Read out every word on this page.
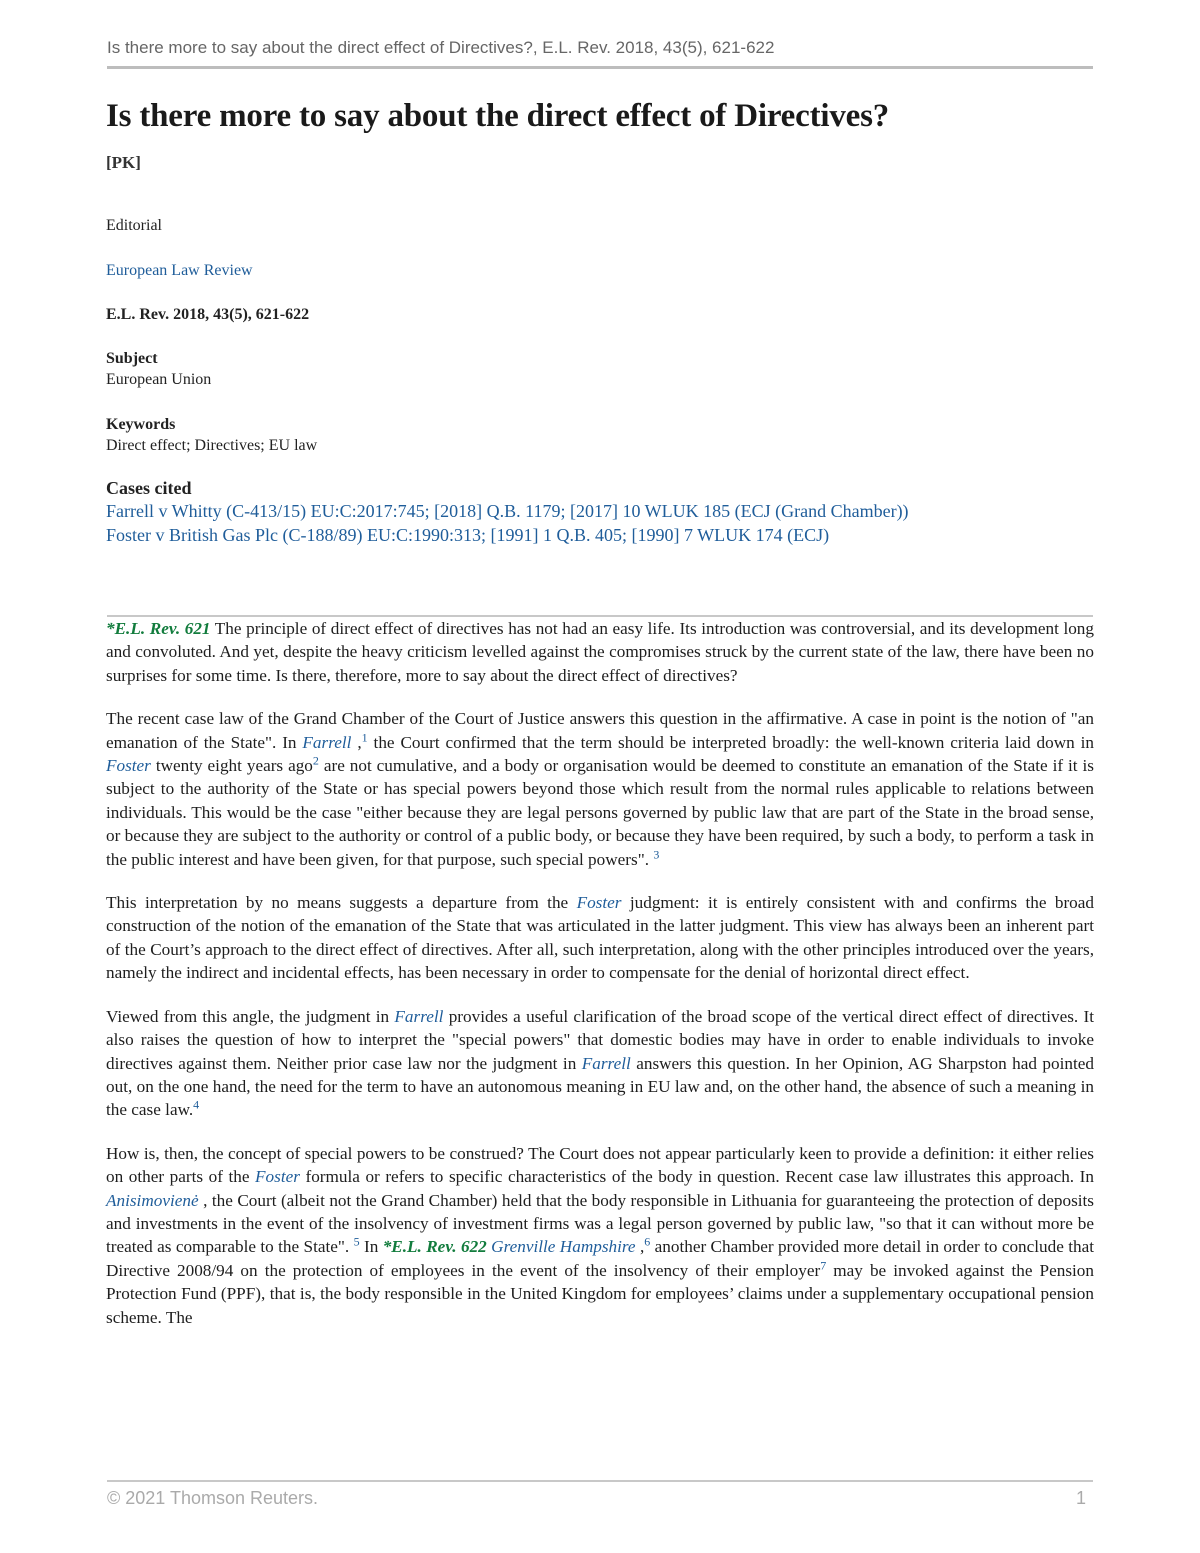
Is there more to say about the direct effect of Directives?, E.L. Rev. 2018, 43(5), 621-622
Is there more to say about the direct effect of Directives?
[PK]
Editorial
European Law Review
E.L. Rev. 2018, 43(5), 621-622
Subject
European Union
Keywords
Direct effect; Directives; EU law
Cases cited
Farrell v Whitty (C-413/15) EU:C:2017:745; [2018] Q.B. 1179; [2017] 10 WLUK 185 (ECJ (Grand Chamber))
Foster v British Gas Plc (C-188/89) EU:C:1990:313; [1991] 1 Q.B. 405; [1990] 7 WLUK 174 (ECJ)

*E.L. Rev. 621 The principle of direct effect of directives has not had an easy life. Its introduction was controversial, and its development long and convoluted. And yet, despite the heavy criticism levelled against the compromises struck by the current state of the law, there have been no surprises for some time. Is there, therefore, more to say about the direct effect of directives?

The recent case law of the Grand Chamber of the Court of Justice answers this question in the affirmative. A case in point is the notion of "an emanation of the State". In Farrell ,$^1$ the Court confirmed that the term should be interpreted broadly: the well-known criteria laid down in Foster twenty eight years ago$^2$ are not cumulative, and a body or organisation would be deemed to constitute an emanation of the State if it is subject to the authority of the State or has special powers beyond those which result from the normal rules applicable to relations between individuals. This would be the case "either because they are legal persons governed by public law that are part of the State in the broad sense, or because they are subject to the authority or control of a public body, or because they have been required, by such a body, to perform a task in the public interest and have been given, for that purpose, such special powers". $^3$

This interpretation by no means suggests a departure from the Foster judgment: it is entirely consistent with and confirms the broad construction of the notion of the emanation of the State that was articulated in the latter judgment. This view has always been an inherent part of the Court’s approach to the direct effect of directives. After all, such interpretation, along with the other principles introduced over the years, namely the indirect and incidental effects, has been necessary in order to compensate for the denial of horizontal direct effect.

Viewed from this angle, the judgment in Farrell provides a useful clarification of the broad scope of the vertical direct effect of directives. It also raises the question of how to interpret the "special powers" that domestic bodies may have in order to enable individuals to invoke directives against them. Neither prior case law nor the judgment in Farrell answers this question. In her Opinion, AG Sharpston had pointed out, on the one hand, the need for the term to have an autonomous meaning in EU law and, on the other hand, the absence of such a meaning in the case law.$^4$

How is, then, the concept of special powers to be construed? The Court does not appear particularly keen to provide a definition: it either relies on other parts of the Foster formula or refers to specific characteristics of the body in question. Recent case law illustrates this approach. In Anisimovienė , the Court (albeit not the Grand Chamber) held that the body responsible in Lithuania for guaranteeing the protection of deposits and investments in the event of the insolvency of investment firms was a legal person governed by public law, "so that it can without more be treated as comparable to the State". $^5$ In *E.L. Rev. 622 Grenville Hampshire ,$^6$ another Chamber provided more detail in order to conclude that Directive 2008/94 on the protection of employees in the event of the insolvency of their employer$^7$ may be invoked against the Pension Protection Fund (PPF), that is, the body responsible in the United Kingdom for employees’ claims under a supplementary occupational pension scheme. The

© 2021 Thomson Reuters.	1
